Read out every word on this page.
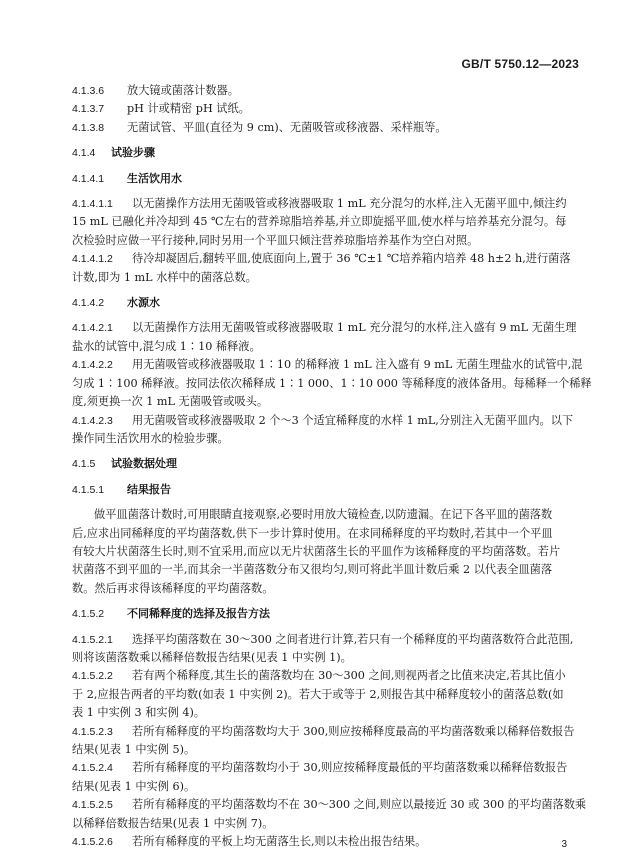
GB/T 5750.12—2023
4.1.3.6 放大镜或菌落计数器。
4.1.3.7 pH 计或精密 pH 试纸。
4.1.3.8 无菌试管、平皿(直径为 9 cm)、无菌吸管或移液器、采样瓶等。
4.1.4 试验步骤
4.1.4.1 生活饮用水
4.1.4.1.1 以无菌操作方法用无菌吸管或移液器吸取 1 mL 充分混匀的水样,注入无菌平皿中,倾注约
15 mL 已融化并冷却到 45 ℃左右的营养琼脂培养基,并立即旋摇平皿,使水样与培养基充分混匀。每
次检验时应做一平行接种,同时另用一个平皿只倾注营养琼脂培养基作为空白对照。
4.1.4.1.2 待冷却凝固后,翻转平皿,使底面向上,置于 36 ℃±1 ℃培养箱内培养 48 h±2 h,进行菌落
计数,即为 1 mL 水样中的菌落总数。
4.1.4.2 水源水
4.1.4.2.1 以无菌操作方法用无菌吸管或移液器吸取 1 mL 充分混匀的水样,注入盛有 9 mL 无菌生理
盐水的试管中,混匀成 1∶10 稀释液。
4.1.4.2.2 用无菌吸管或移液器吸取 1∶10 的稀释液 1 mL 注入盛有 9 mL 无菌生理盐水的试管中,混
匀成 1∶100 稀释液。按同法依次稀释成 1∶1 000、1∶10 000 等稀释度的液体备用。每稀释一个稀释
度,须更换一次 1 mL 无菌吸管或吸头。
4.1.4.2.3 用无菌吸管或移液器吸取 2 个～3 个适宜稀释度的水样 1 mL,分别注入无菌平皿内。以下
操作同生活饮用水的检验步骤。
4.1.5 试验数据处理
4.1.5.1 结果报告
做平皿菌落计数时,可用眼睛直接观察,必要时用放大镜检查,以防遗漏。在记下各平皿的菌落数
后,应求出同稀释度的平均菌落数,供下一步计算时使用。在求同稀释度的平均数时,若其中一个平皿
有较大片状菌落生长时,则不宜采用,而应以无片状菌落生长的平皿作为该稀释度的平均菌落数。若片
状菌落不到平皿的一半,而其余一半菌落数分布又很均匀,则可将此半皿计数后乘 2 以代表全皿菌落
数。然后再求得该稀释度的平均菌落数。
4.1.5.2 不同稀释度的选择及报告方法
4.1.5.2.1 选择平均菌落数在 30～300 之间者进行计算,若只有一个稀释度的平均菌落数符合此范围,
则将该菌落数乘以稀释倍数报告结果(见表 1 中实例 1)。
4.1.5.2.2 若有两个稀释度,其生长的菌落数均在 30～300 之间,则视两者之比值来决定,若其比值小
于 2,应报告两者的平均数(如表 1 中实例 2)。若大于或等于 2,则报告其中稀释度较小的菌落总数(如
表 1 中实例 3 和实例 4)。
4.1.5.2.3 若所有稀释度的平均菌落数均大于 300,则应按稀释度最高的平均菌落数乘以稀释倍数报告
结果(见表 1 中实例 5)。
4.1.5.2.4 若所有稀释度的平均菌落数均小于 30,则应按稀释度最低的平均菌落数乘以稀释倍数报告
结果(见表 1 中实例 6)。
4.1.5.2.5 若所有稀释度的平均菌落数均不在 30～300 之间,则应以最接近 30 或 300 的平均菌落数乘
以稀释倍数报告结果(见表 1 中实例 7)。
4.1.5.2.6 若所有稀释度的平板上均无菌落生长,则以未检出报告结果。	3
